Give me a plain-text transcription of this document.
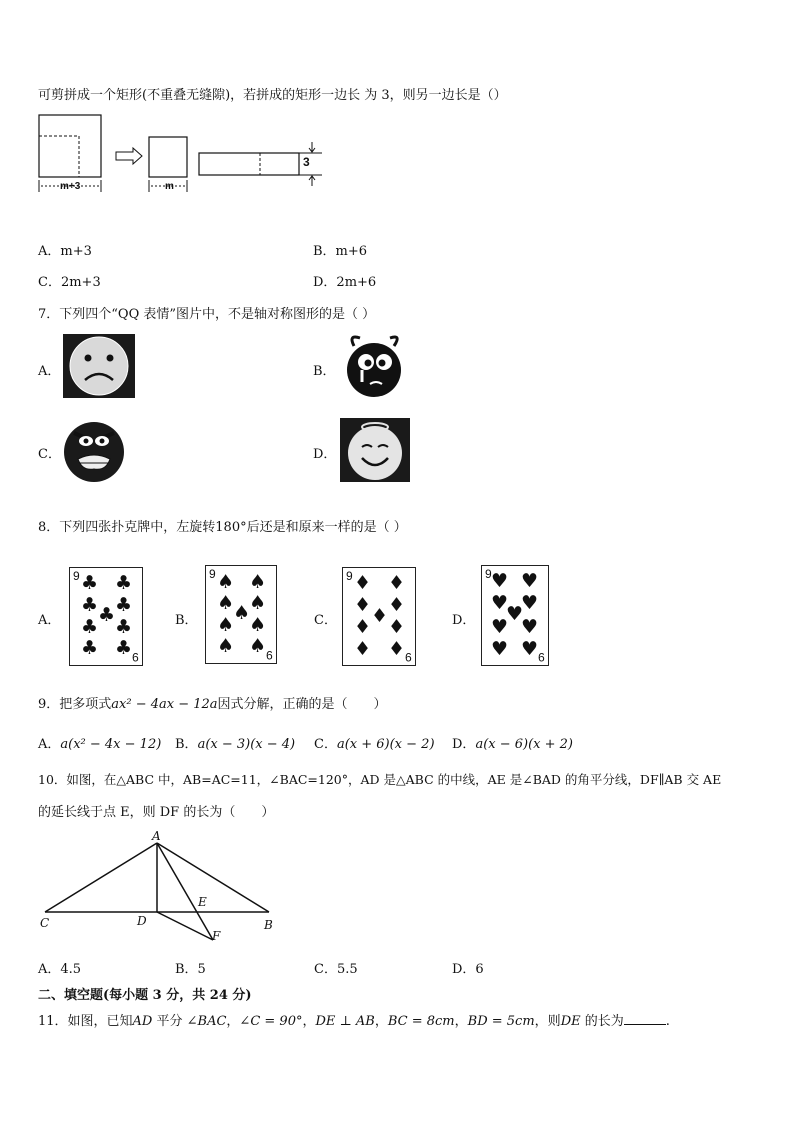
可剪拼成一个矩形(不重叠无缝隙)，若拼成的矩形一边长 为 3，则另一边长是（）
m+3	m
3
A．m+3	B．m+6
C．2m+3	D．2m+6
7．下列四个“QQ 表情”图片中，不是轴对称图形的是（ ）
A．	B．
C．	D．
8．下列四张扑克牌中，左旋转180°后还是和原来一样的是（ ）
A．
9
9
♣ ♣
♣ ♣
♣
♣ ♣
♣ ♣
B．
9
9
♠ ♠
♠ ♠
♠
♠ ♠
♠ ♠
C．
9
9
♦ ♦
♦ ♦
♦
♦ ♦
♦ ♦
D．
9
9
♥ ♥
♥ ♥
♥
♥ ♥
♥ ♥
9．把多项式ax² − 4ax − 12a因式分解，正确的是（　　）
A．a(x² − 4x − 12) B．a(x − 3)(x − 4) C．a(x + 6)(x − 2) D．a(x − 6)(x + 2)
10．如图，在△ABC 中，AB=AC=11，∠BAC=120°，AD 是△ABC 的中线，AE 是∠BAD 的角平分线，DF∥AB 交 AE
的延长线于点 E，则 DF 的长为（　　）
A
C	D
E
B
F
A．4.5	B．5	C．5.5	D．6
二、填空题(每小题 3 分，共 24 分)
11．如图，已知AD 平分 ∠BAC，∠C = 90°，DE ⊥ AB，BC = 8cm，BD = 5cm，则DE 的长为	.
